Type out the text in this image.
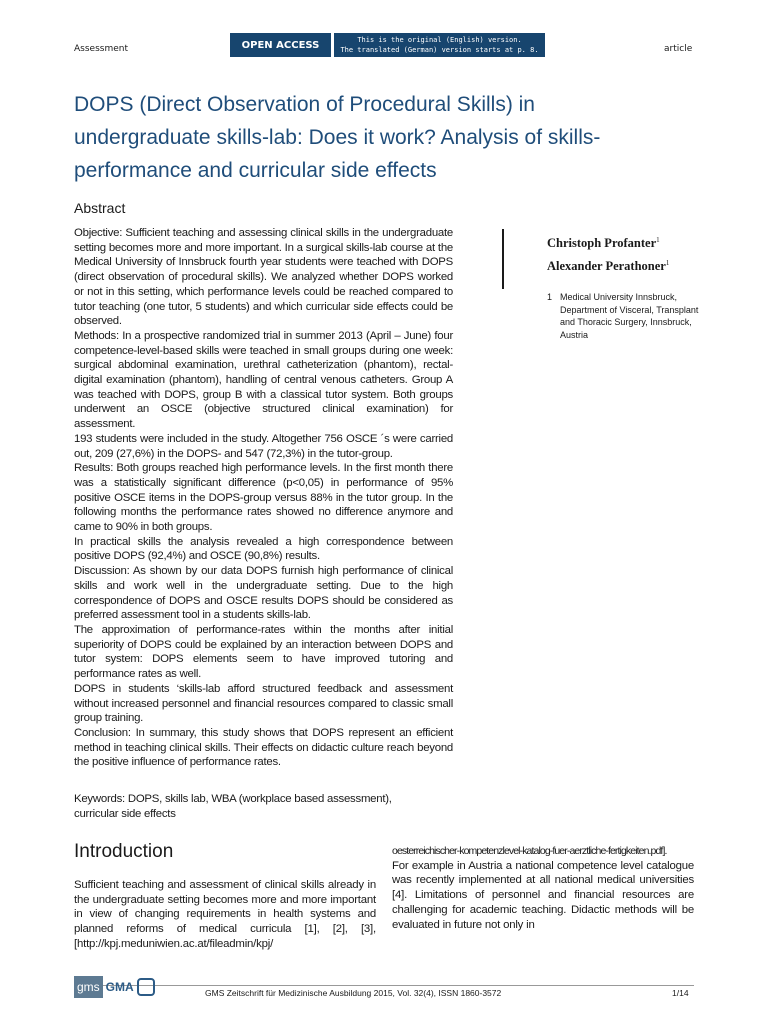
Assessment	OPEN ACCESS	This is the original (English) version.
The translated (German) version starts at p. 8.	article
DOPS (Direct Observation of Procedural Skills) in undergraduate skills-lab: Does it work? Analysis of skills-performance and curricular side effects
Abstract

Objective: Sufficient teaching and assessing clinical skills in the undergraduate setting becomes more and more important. In a surgical skills-lab course at the Medical University of Innsbruck fourth year students were teached with DOPS (direct observation of procedural skills). We analyzed whether DOPS worked or not in this setting, which performance levels could be reached compared to tutor teaching (one tutor, 5 students) and which curricular side effects could be observed.

Methods: In a prospective randomized trial in summer 2013 (April – June) four competence-level-based skills were teached in small groups during one week: surgical abdominal examination, urethral catheterization (phantom), rectal-digital examination (phantom), handling of central venous catheters. Group A was teached with DOPS, group B with a classical tutor system. Both groups underwent an OSCE (objective structured clinical examination) for assessment.

193 students were included in the study. Altogether 756 OSCE ´s were carried out, 209 (27,6%) in the DOPS- and 547 (72,3%) in the tutor-group.

Results: Both groups reached high performance levels. In the first month there was a statistically significant difference (p<0,05) in performance of 95% positive OSCE items in the DOPS-group versus 88% in the tutor group. In the following months the performance rates showed no difference anymore and came to 90% in both groups.

In practical skills the analysis revealed a high correspondence between positive DOPS (92,4%) and OSCE (90,8%) results.

Discussion: As shown by our data DOPS furnish high performance of clinical skills and work well in the undergraduate setting. Due to the high correspondence of DOPS and OSCE results DOPS should be considered as preferred assessment tool in a students skills-lab.

The approximation of performance-rates within the months after initial superiority of DOPS could be explained by an interaction between DOPS and tutor system: DOPS elements seem to have improved tutoring and performance rates as well.

DOPS in students ‘skills-lab afford structured feedback and assessment without increased personnel and financial resources compared to classic small group training.

Conclusion: In summary, this study shows that DOPS represent an efficient method in teaching clinical skills. Their effects on didactic culture reach beyond the positive influence of performance rates.

Keywords: DOPS, skills lab, WBA (workplace based assessment),
curricular side effects
Christoph Profanter$^1$
Alexander Perathoner$^1$
1 Medical University Innsbruck, Department of Visceral, Transplant and Thoracic Surgery, Innsbruck, Austria
Introduction
Sufficient teaching and assessment of clinical skills already in the undergraduate setting becomes more and more important in view of changing requirements in health systems and planned reforms of medical curricula [1], [2], [3], [http://kpj.meduniwien.ac.at/fileadmin/kpj/

oesterreichischer-kompetenzlevel-katalog-fuer-aerztliche-fertigkeiten.pdf].

For example in Austria a national competence level catalogue was recently implemented at all national medical universities [4]. Limitations of personnel and financial resources are challenging for academic teaching. Didactic methods will be evaluated in future not only in

gms GMA	GMS Zeitschrift für Medizinische Ausbildung 2015, Vol. 32(4), ISSN 1860-3572	1/14
